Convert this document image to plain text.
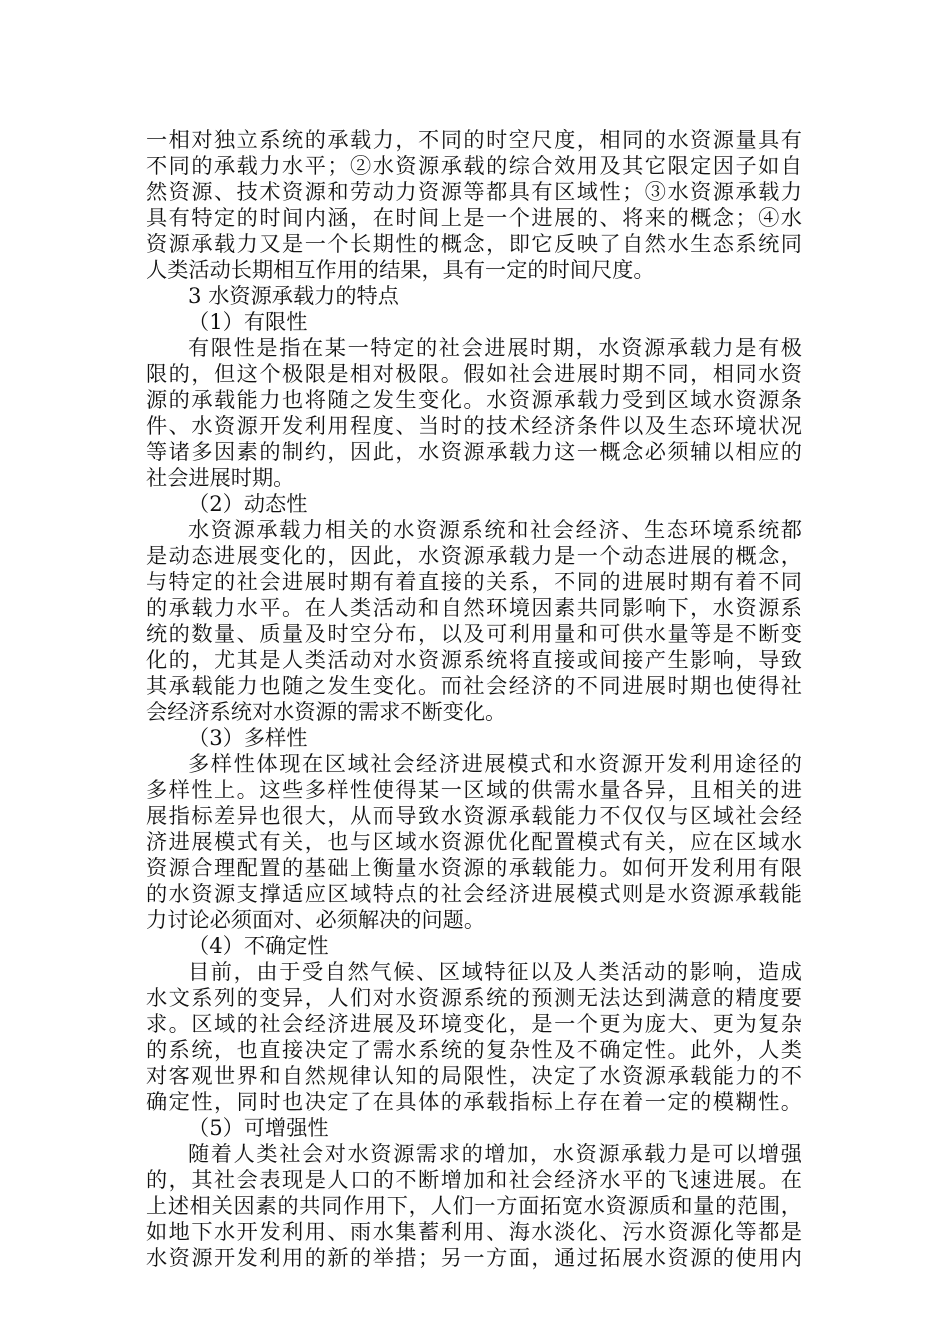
一相对独立系统的承载力，不同的时空尺度，相同的水资源量具有
不同的承载力水平；②水资源承载的综合效用及其它限定因子如自
然资源、技术资源和劳动力资源等都具有区域性；③水资源承载力
具有特定的时间内涵，在时间上是一个进展的、将来的概念；④水
资源承载力又是一个长期性的概念，即它反映了自然水生态系统同
人类活动长期相互作用的结果，具有一定的时间尺度。
3 水资源承载力的特点
（1）有限性
有限性是指在某一特定的社会进展时期，水资源承载力是有极
限的，但这个极限是相对极限。假如社会进展时期不同，相同水资
源的承载能力也将随之发生变化。水资源承载力受到区域水资源条
件、水资源开发利用程度、当时的技术经济条件以及生态环境状况
等诸多因素的制约，因此，水资源承载力这一概念必须辅以相应的
社会进展时期。
（2）动态性
水资源承载力相关的水资源系统和社会经济、生态环境系统都
是动态进展变化的，因此，水资源承载力是一个动态进展的概念，
与特定的社会进展时期有着直接的关系，不同的进展时期有着不同
的承载力水平。在人类活动和自然环境因素共同影响下，水资源系
统的数量、质量及时空分布，以及可利用量和可供水量等是不断变
化的，尤其是人类活动对水资源系统将直接或间接产生影响，导致
其承载能力也随之发生变化。而社会经济的不同进展时期也使得社
会经济系统对水资源的需求不断变化。
（3）多样性
多样性体现在区域社会经济进展模式和水资源开发利用途径的
多样性上。这些多样性使得某一区域的供需水量各异，且相关的进
展指标差异也很大，从而导致水资源承载能力不仅仅与区域社会经
济进展模式有关，也与区域水资源优化配置模式有关，应在区域水
资源合理配置的基础上衡量水资源的承载能力。如何开发利用有限
的水资源支撑适应区域特点的社会经济进展模式则是水资源承载能
力讨论必须面对、必须解决的问题。
（4）不确定性
目前，由于受自然气候、区域特征以及人类活动的影响，造成
水文系列的变异，人们对水资源系统的预测无法达到满意的精度要
求。区域的社会经济进展及环境变化，是一个更为庞大、更为复杂
的系统，也直接决定了需水系统的复杂性及不确定性。此外，人类
对客观世界和自然规律认知的局限性，决定了水资源承载能力的不
确定性，同时也决定了在具体的承载指标上存在着一定的模糊性。
（5）可增强性
随着人类社会对水资源需求的增加，水资源承载力是可以增强
的，其社会表现是人口的不断增加和社会经济水平的飞速进展。在
上述相关因素的共同作用下，人们一方面拓宽水资源质和量的范围，
如地下水开发利用、雨水集蓄利用、海水淡化、污水资源化等都是
水资源开发利用的新的举措；另一方面，通过拓展水资源的使用内
